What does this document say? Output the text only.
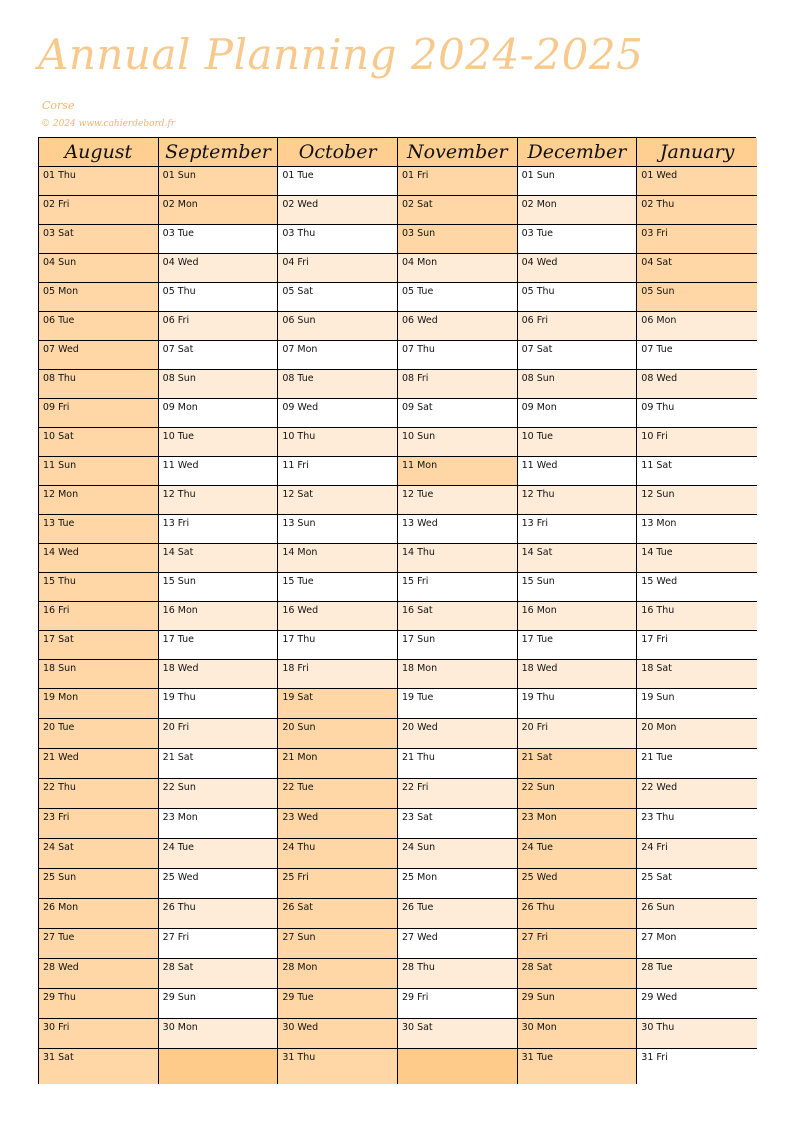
Annual Planning 2024-2025
Corse
© 2024 www.cahierdebord.fr
August
01 Thu
02 Fri
03 Sat
04 Sun
05 Mon
06 Tue
07 Wed
08 Thu
09 Fri
10 Sat
11 Sun
12 Mon
13 Tue
14 Wed
15 Thu
16 Fri
17 Sat
18 Sun
19 Mon
20 Tue
21 Wed
22 Thu
23 Fri
24 Sat
25 Sun
26 Mon
27 Tue
28 Wed
29 Thu
30 Fri
31 Sat
September
01 Sun
02 Mon
03 Tue
04 Wed
05 Thu
06 Fri
07 Sat
08 Sun
09 Mon
10 Tue
11 Wed
12 Thu
13 Fri
14 Sat
15 Sun
16 Mon
17 Tue
18 Wed
19 Thu
20 Fri
21 Sat
22 Sun
23 Mon
24 Tue
25 Wed
26 Thu
27 Fri
28 Sat
29 Sun
30 Mon
October
01 Tue
02 Wed
03 Thu
04 Fri
05 Sat
06 Sun
07 Mon
08 Tue
09 Wed
10 Thu
11 Fri
12 Sat
13 Sun
14 Mon
15 Tue
16 Wed
17 Thu
18 Fri
19 Sat
20 Sun
21 Mon
22 Tue
23 Wed
24 Thu
25 Fri
26 Sat
27 Sun
28 Mon
29 Tue
30 Wed
31 Thu
November
01 Fri
02 Sat
03 Sun
04 Mon
05 Tue
06 Wed
07 Thu
08 Fri
09 Sat
10 Sun
11 Mon
12 Tue
13 Wed
14 Thu
15 Fri
16 Sat
17 Sun
18 Mon
19 Tue
20 Wed
21 Thu
22 Fri
23 Sat
24 Sun
25 Mon
26 Tue
27 Wed
28 Thu
29 Fri
30 Sat
December
01 Sun
02 Mon
03 Tue
04 Wed
05 Thu
06 Fri
07 Sat
08 Sun
09 Mon
10 Tue
11 Wed
12 Thu
13 Fri
14 Sat
15 Sun
16 Mon
17 Tue
18 Wed
19 Thu
20 Fri
21 Sat
22 Sun
23 Mon
24 Tue
25 Wed
26 Thu
27 Fri
28 Sat
29 Sun
30 Mon
31 Tue
January
01 Wed
02 Thu
03 Fri
04 Sat
05 Sun
06 Mon
07 Tue
08 Wed
09 Thu
10 Fri
11 Sat
12 Sun
13 Mon
14 Tue
15 Wed
16 Thu
17 Fri
18 Sat
19 Sun
20 Mon
21 Tue
22 Wed
23 Thu
24 Fri
25 Sat
26 Sun
27 Mon
28 Tue
29 Wed
30 Thu
31 Fri
